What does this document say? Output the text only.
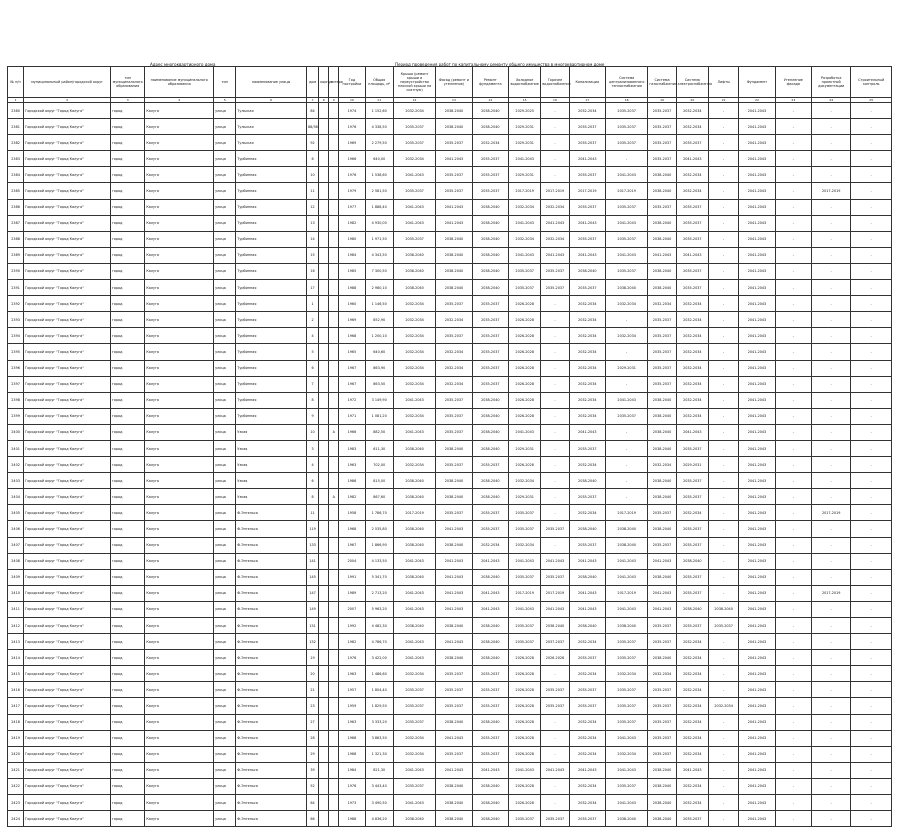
Адрес многоквартирного дома	Период проведения работ по капитальному ремонту общего имущества в многоквартирном доме
№ п/п	муниципальный район/городской округ	тип муниципального образования	наименование муниципального образования	тип	наименование улицы	дом	корпус	литера	Год постройки	Общая площадь, м²	Крыша (ремонт крыши и переустройство плоской крыши на скатную)	Фасад (ремонт и утепление)	Ремонт фундамента	Холодное водоснабжение	Горячее водоснабжение	Канализация	Система централизованного теплоснабжения	Система газоснабжения	Система электроснабжения	Лифты	Фундамент	Утепление фасада	Разработка проектной документации	Строительный контроль
1	2	3	4	5	6	7	8	9	10	11	12	13	14	15	16	17	18	19	20	21	22	23	24	25
2380	Городской округ "Город Калуга"	город	Калуга	улица	Тульская	84			1974	1 152,60	2032-2034	2038-2040	2038-2040	2029-2025	-	2032-2034	2035-2037	2035-2037	2032-2034	-	2041-2043	-	-	-
2381	Городской округ "Город Калуга"	город	Калуга	улица	Тульская	88/36			1976	4 338,50	2035-2037	2038-2040	2038-2040	2029-2031	-	2035-2037	2035-2037	2035-2037	2032-2034	-	2041-2043	-	-	-
2382	Городской округ "Город Калуга"	город	Калуга	улица	Тульская	92			1969	2 279,50	2035-2037	2035-2037	2032-2034	2029-2031	-	2035-2037	2035-2037	2035-2037	2035-2037	-	2041-2043	-	-	-
2383	Городской округ "Город Калуга"	город	Калуга	улица	Турбинная	6			1966	640,00	2032-2034	2041-2043	2035-2037	2041-2043	-	2041-2043	-	2035-2037	2041-2043	-	2041-2043	-	-	-
2384	Городской округ "Город Калуга"	город	Калуга	улица	Турбинная	10			1976	1 538,60	2041-2043	2035-2037	2035-2037	2029-2031	-	2035-2037	2041-2043	2038-2040	2032-2034	-	2041-2043	-	-	-
2385	Городской округ "Город Калуга"	город	Калуга	улица	Турбинная	11			1979	2 581,50	2035-2037	2035-2037	2035-2037	2017-2019	2017-2019	2017-2019	2017-2019	2038-2040	2032-2034	-	2041-2043	-	2017-2019	-
2386	Городской округ "Город Калуга"	город	Калуга	улица	Турбинная	12			1977	1 888,40	2041-2043	2041-2043	2038-2040	2032-2034	2032-2034	2035-2037	2035-2037	2035-2037	2035-2037	-	2041-2043	-	-	-
2387	Городской округ "Город Калуга"	город	Калуга	улица	Турбинная	13			1982	4 930,00	2041-2043	2041-2043	2038-2040	2041-2043	2041-2043	2041-2043	2041-2043	2038-2040	2035-2037	-	2041-2043	-	-	-
2388	Городской округ "Город Калуга"	город	Калуга	улица	Турбинная	14			1980	1 971,50	2035-2037	2038-2040	2038-2040	2032-2034	2032-2034	2035-2037	2035-2037	2038-2040	2035-2037	-	2041-2043	-	-	-
2389	Городской округ "Город Калуга"	город	Калуга	улица	Турбинная	15			1984	4 343,50	2038-2040	2038-2040	2038-2040	2041-2043	2041-2043	2041-2043	2041-2043	2041-2043	2041-2043	-	2041-2043	-	-	-
2390	Городской округ "Город Калуга"	город	Калуга	улица	Турбинная	16			1985	7 300,50	2038-2040	2038-2040	2038-2040	2035-2037	2035-2037	2038-2040	2035-2037	2038-2040	2035-2037	-	2041-2043	-	-	-
2391	Городской округ "Город Калуга"	город	Калуга	улица	Турбинная	17			1988	2 980,10	2038-2040	2038-2040	2038-2040	2035-2037	2035-2037	2035-2037	2038-2040	2038-2040	2035-2037	-	2041-2043	-	-	-
2392	Городской округ "Город Калуга"	город	Калуга	улица	Турбинная	1			1960	1 146,50	2032-2034	2035-2037	2035-2037	2026-2028	-	2032-2034	2032-2034	2032-2034	2032-2034	-	2041-2043	-	-	-
2393	Городской округ "Город Калуга"	город	Калуга	улица	Турбинная	2			1969	852,90	2032-2034	2032-2034	2035-2037	2026-2028	-	2032-2034	-	2035-2037	2032-2034	-	2041-2043	-	-	-
2394	Городской округ "Город Калуга"	город	Калуга	улица	Турбинная	4			1968	1 200,10	2032-2034	2035-2037	2035-2037	2026-2028	-	2032-2034	2032-2034	2035-2037	2032-2034	-	2041-2043	-	-	-
2395	Городской округ "Город Калуга"	город	Калуга	улица	Турбинная	5			1965	640,60	2032-2034	2032-2034	2035-2037	2026-2028	-	2032-2034	-	2035-2037	2032-2034	-	2041-2043	-	-	-
2396	Городской округ "Город Калуга"	город	Калуга	улица	Турбинная	6			1967	863,90	2032-2034	2032-2034	2035-2037	2026-2028	-	2032-2034	2029-2031	2035-2037	2032-2034	-	2041-2043	-	-	-
2397	Городской округ "Город Калуга"	город	Калуга	улица	Турбинная	7			1967	863,50	2032-2034	2032-2034	2035-2037	2026-2028	-	2032-2034	-	2035-2037	2032-2034	-	2041-2043	-	-	-
2398	Городской округ "Город Калуга"	город	Калуга	улица	Турбинная	8			1972	3 149,90	2041-2043	2035-2037	2038-2040	2026-2028	-	2032-2034	2041-2043	2038-2040	2032-2034	-	2041-2043	-	-	-
2399	Городской округ "Город Калуга"	город	Калуга	улица	Турбинная	9			1971	1 081,20	2032-2034	2035-2037	2038-2040	2026-2028	-	2032-2034	2035-2037	2038-2040	2032-2034	-	2041-2043	-	-	-
2400	Городской округ "Город Калуга"	город	Калуга	улица	Узкая	10		А	1966	882,50	2041-2043	2035-2037	2038-2040	2041-2043	-	2041-2043	-	2038-2040	2041-2043	-	2041-2043	-	-	-
2401	Городской округ "Город Калуга"	город	Калуга	улица	Узкая	3			1983	611,30	2038-2040	2038-2040	2038-2040	2029-2031	-	2035-2037	-	2038-2040	2035-2037	-	2041-2043	-	-	-
2402	Городской округ "Город Калуга"	город	Калуга	улица	Узкая	4			1963	702,00	2032-2034	2035-2037	2035-2037	2026-2028	-	2032-2034	-	2032-2034	2029-2031	-	2041-2043	-	-	-
2403	Городской округ "Город Калуга"	город	Калуга	улица	Узкая	6			1986	815,00	2038-2040	2038-2040	2038-2040	2032-2034	-	2038-2040	-	2038-2040	2035-2037	-	2041-2043	-	-	-
2404	Городской округ "Город Калуга"	город	Калуга	улица	Узкая	8		А	1982	867,60	2038-2040	2038-2040	2038-2040	2029-2031	-	2035-2037	-	2038-2040	2035-2037	-	2041-2043	-	-	-
2405	Городской округ "Город Калуга"	город	Калуга	улица	Ф.Энгельса	11			1958	1 786,70	2017-2019	2035-2037	2035-2037	2035-2037	-	2032-2034	2017-2019	2035-2037	2032-2034	-	2041-2043	-	2017-2019	-
2406	Городской округ "Город Калуга"	город	Калуга	улица	Ф.Энгельса	119			1968	2 535,80	2038-2040	2041-2043	2035-2037	2035-2037	2035-2037	2038-2040	2038-2040	2038-2040	2035-2037	-	2041-2043	-	-	-
2407	Городской округ "Город Калуга"	город	Калуга	улица	Ф.Энгельса	133			1967	1 866,90	2038-2040	2038-2040	2032-2034	2032-2034	-	2035-2037	2038-2040	2035-2037	2035-2037	-	2041-2043	-	-	-
2408	Городской округ "Город Калуга"	город	Калуга	улица	Ф.Энгельса	141			2004	4 133,50	2041-2043	2041-2043	2041-2043	2041-2043	2041-2043	2041-2043	2041-2043	2041-2043	2038-2040	-	2041-2043	-	-	-
2409	Городской округ "Город Калуга"	город	Калуга	улица	Ф.Энгельса	145			1991	5 341,70	2038-2040	2041-2043	2038-2040	2035-2037	2035-2037	2038-2040	2041-2043	2038-2040	2035-2037	-	2041-2043	-	-	-
2410	Городской округ "Город Калуга"	город	Калуга	улица	Ф.Энгельса	147			1989	2 713,20	2041-2043	2041-2043	2041-2043	2017-2019	2017-2019	2041-2043	2017-2019	2041-2043	2035-2037	-	2041-2043	-	2017-2019	-
2411	Городской округ "Город Калуга"	город	Калуга	улица	Ф.Энгельса	149			2007	5 963,20	2041-2043	2041-2043	2041-2043	2041-2043	2041-2043	2041-2043	2041-2043	2041-2043	2038-2040	2038-2040	2041-2043	-	-	-
2412	Городской округ "Город Калуга"	город	Калуга	улица	Ф.Энгельса	151			1992	4 482,30	2038-2040	2038-2040	2038-2040	2035-2037	2038-2040	2038-2040	2038-2040	2035-2037	2035-2037	2035-2037	2041-2043	-	-	-
2413	Городской округ "Город Калуга"	город	Калуга	улица	Ф.Энгельса	152			1982	4 786,70	2041-2043	2041-2043	2038-2040	2035-2037	2037-2037	2032-2034	2035-2037	2035-2037	2032-2034	-	2041-2043	-	-	-
2414	Городской округ "Город Калуга"	город	Калуга	улица	Ф.Энгельса	19			1976	3 422,00	2041-2043	2038-2040	2038-2040	2026-2028	2026-2028	2035-2037	2035-2037	2038-2040	2032-2034	-	2041-2043	-	-	-
2415	Городской округ "Город Калуга"	город	Калуга	улица	Ф.Энгельса	20			1963	1 486,60	2032-2034	2035-2037	2035-2037	2026-2028	-	2032-2034	2032-2034	2032-2034	2032-2034	-	2041-2043	-	-	-
2416	Городской округ "Город Калуга"	город	Калуга	улица	Ф.Энгельса	21			1957	1 804,40	2035-2037	2035-2037	2035-2037	2026-2028	2035-2037	2035-2037	2035-2037	2035-2037	2032-2034	-	2041-2043	-	-	-
2417	Городской округ "Город Калуга"	город	Калуга	улица	Ф.Энгельса	23			1959	1 829,50	2035-2037	2035-2037	2035-2037	2026-2028	2035-2037	2035-2037	2035-2037	2035-2037	2032-2034	2032-2034	2041-2043	-	-	-
2418	Городской округ "Город Калуга"	город	Калуга	улица	Ф.Энгельса	27			1963	3 333,20	2035-2037	2038-2040	2038-2040	2026-2028	-	2032-2034	2035-2037	2035-2037	2032-2034	-	2041-2043	-	-	-
2419	Городской округ "Город Калуга"	город	Калуга	улица	Ф.Энгельса	28			1968	3 863,50	2032-2034	2041-2043	2035-2037	2026-2028	-	2032-2034	2041-2043	2035-2037	2032-2034	-	2041-2043	-	-	-
2420	Городской округ "Город Калуга"	город	Калуга	улица	Ф.Энгельса	29			1968	1 321,30	2032-2034	2035-2037	2035-2037	2026-2028	-	2032-2034	2032-2034	2035-2037	2032-2034	-	2041-2043	-	-	-
2421	Городской округ "Город Калуга"	город	Калуга	улица	Ф.Энгельса	39			1984	821,30	2041-2043	2041-2043	2041-2043	2041-2043	2041-2043	2041-2043	2041-2043	2038-2040	2041-2043	-	2041-2043	-	-	-
2422	Городской округ "Город Калуга"	город	Калуга	улица	Ф.Энгельса	52			1976	3 443,40	2035-2037	2038-2040	2038-2040	2026-2028	-	2032-2034	2035-2037	2038-2040	2032-2034	-	2041-2043	-	-	-
2423	Городской округ "Город Калуга"	город	Калуга	улица	Ф.Энгельса	64			1973	3 490,50	2041-2043	2038-2040	2038-2040	2026-2028	-	2032-2034	2041-2043	2038-2040	2032-2034	-	2041-2043	-	-	-
2424	Городской округ "Город Калуга"	город	Калуга	улица	Ф.Энгельса	66			1988	4 836,20	2038-2040	2038-2040	2038-2040	2035-2037	2035-2037	2035-2037	2038-2040	2038-2040	2035-2037	-	2041-2043	-	-	-
